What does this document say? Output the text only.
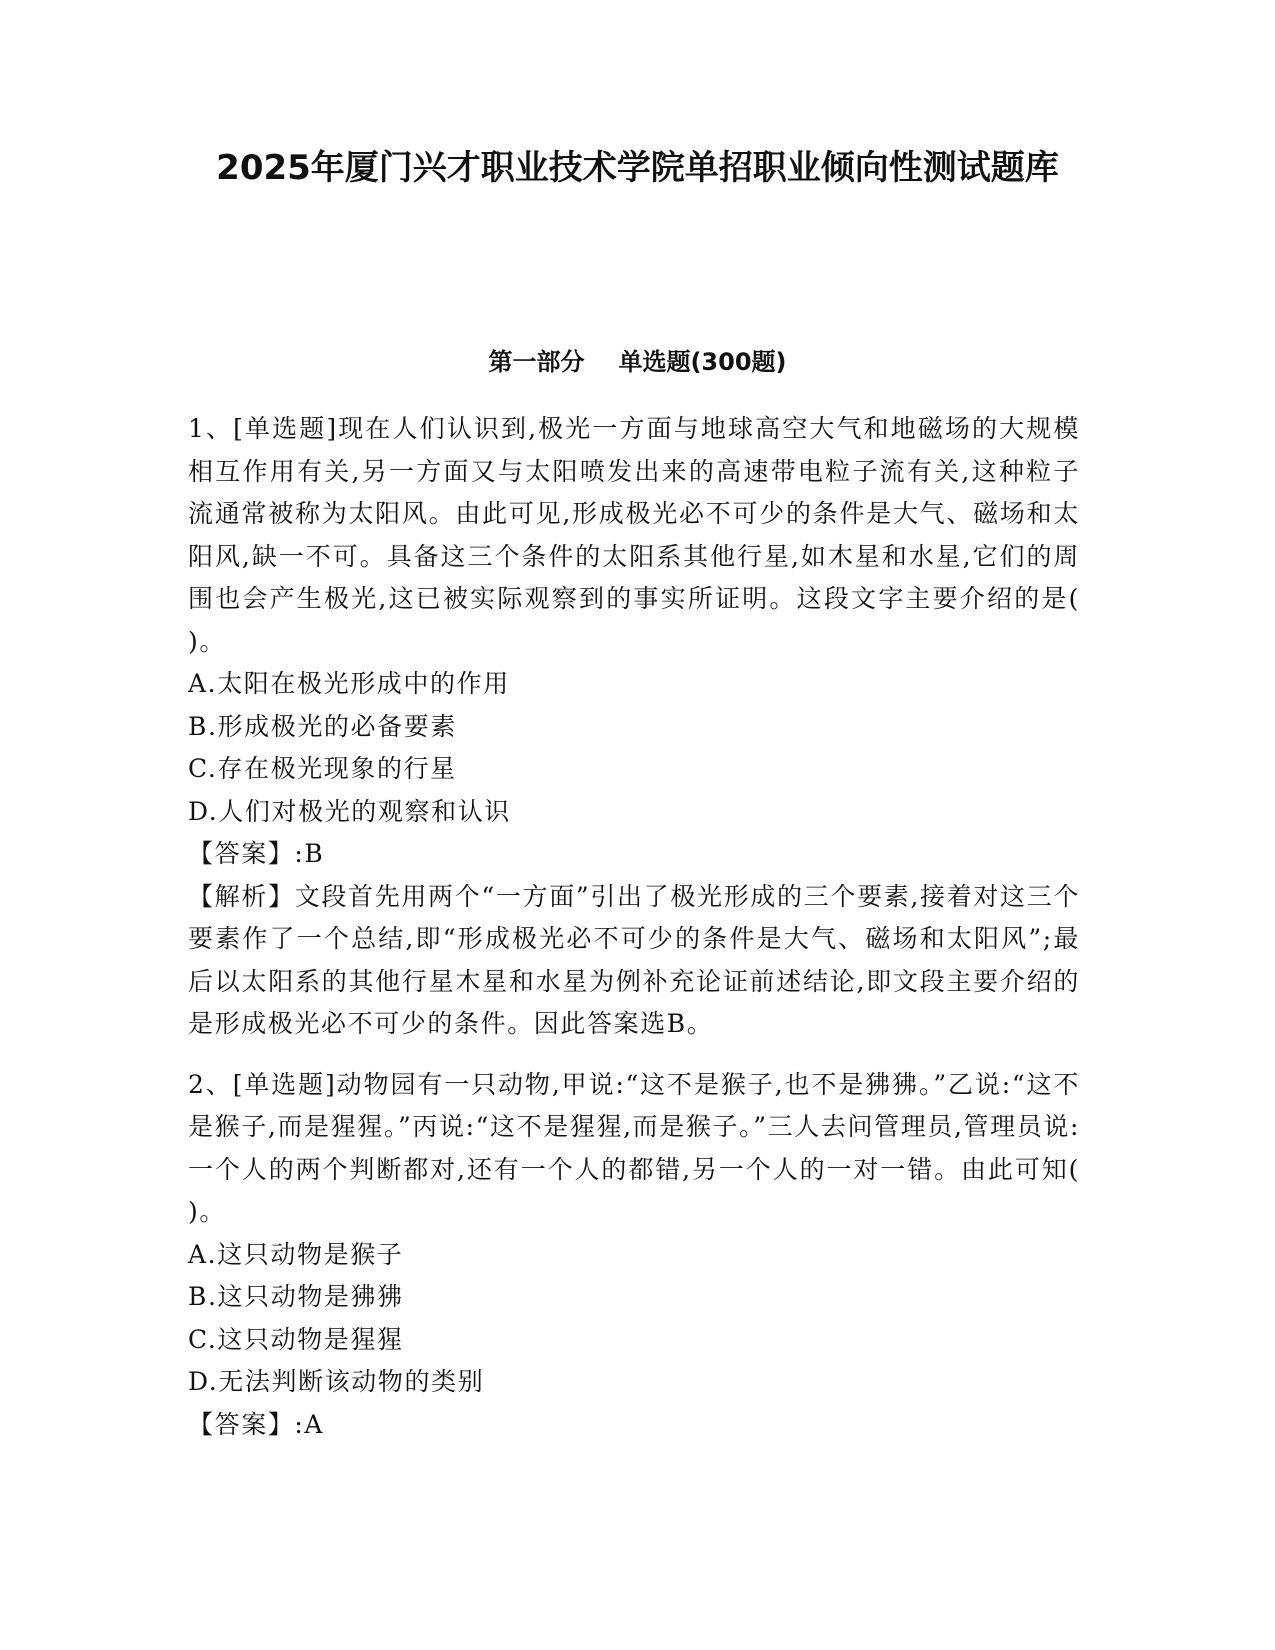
2025年厦门兴才职业技术学院单招职业倾向性测试题库
第一部分 单选题(300题)

1、[单选题]现在人们认识到,极光一方面与地球高空大气和地磁场的大规模相互作用有关,另一方面又与太阳喷发出来的高速带电粒子流有关,这种粒子流通常被称为太阳风。由此可见,形成极光必不可少的条件是大气、磁场和太阳风,缺一不可。具备这三个条件的太阳系其他行星,如木星和水星,它们的周围也会产生极光,这已被实际观察到的事实所证明。这段文字主要介绍的是( )。

A.太阳在极光形成中的作用

B.形成极光的必备要素

C.存在极光现象的行星

D.人们对极光的观察和认识

【答案】:B

【解析】文段首先用两个“一方面”引出了极光形成的三个要素,接着对这三个要素作了一个总结,即“形成极光必不可少的条件是大气、磁场和太阳风”;最后以太阳系的其他行星木星和水星为例补充论证前述结论,即文段主要介绍的是形成极光必不可少的条件。因此答案选B。

2、[单选题]动物园有一只动物,甲说:“这不是猴子,也不是狒狒。”乙说:“这不是猴子,而是猩猩。”丙说:“这不是猩猩,而是猴子。”三人去问管理员,管理员说:一个人的两个判断都对,还有一个人的都错,另一个人的一对一错。由此可知( )。

A.这只动物是猴子

B.这只动物是狒狒

C.这只动物是猩猩

D.无法判断该动物的类别

【答案】:A
